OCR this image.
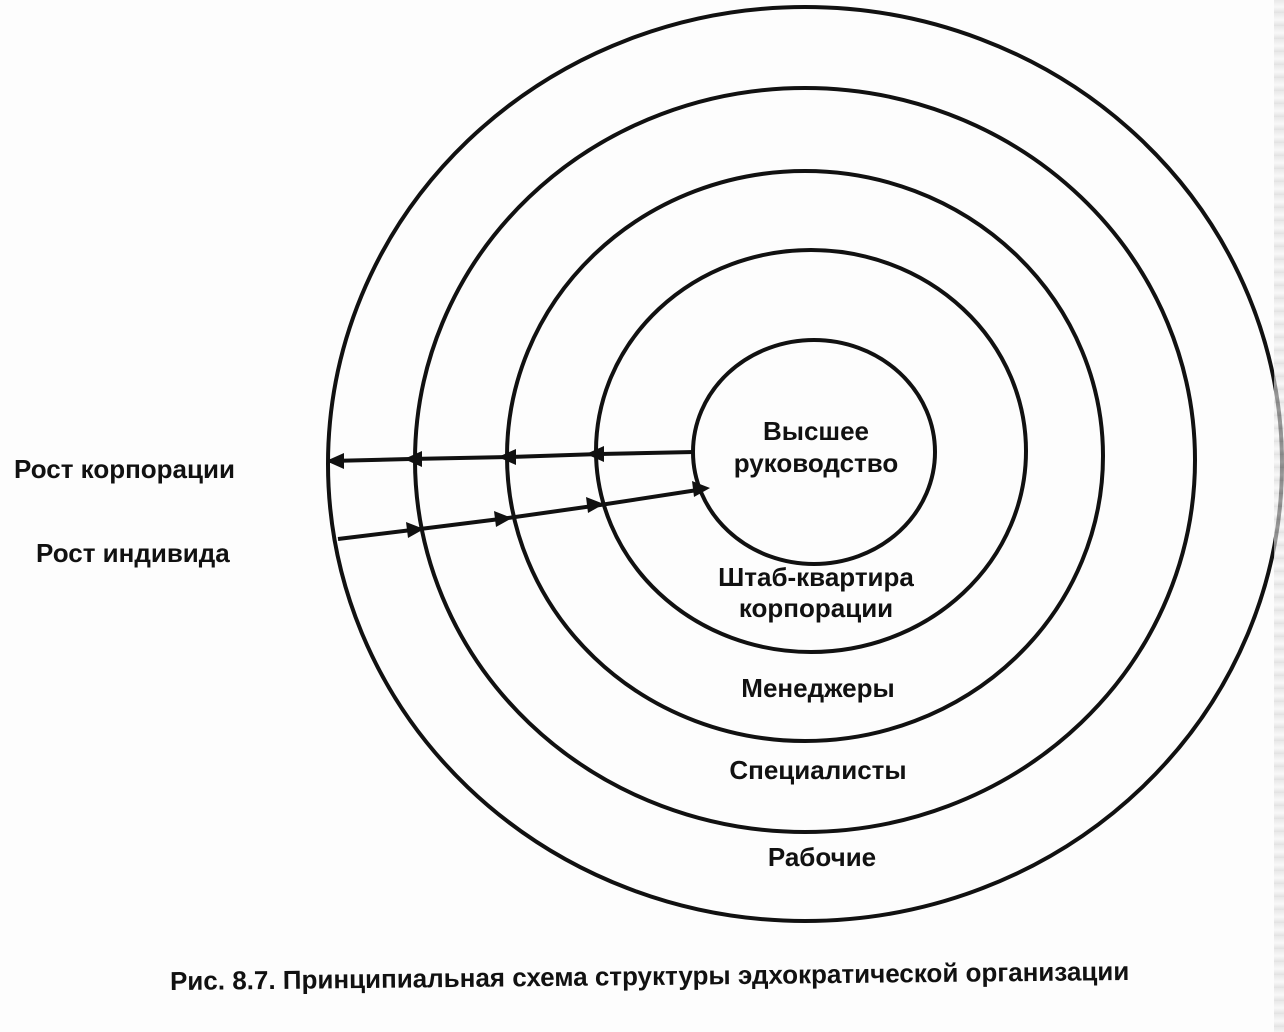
Рост корпорации
Рост индивида
Высшее
руководство
Штаб-квартира
корпорации
Менеджеры
Специалисты
Рабочие
Рис. 8.7. Принципиальная схема структуры эдхократической организации
